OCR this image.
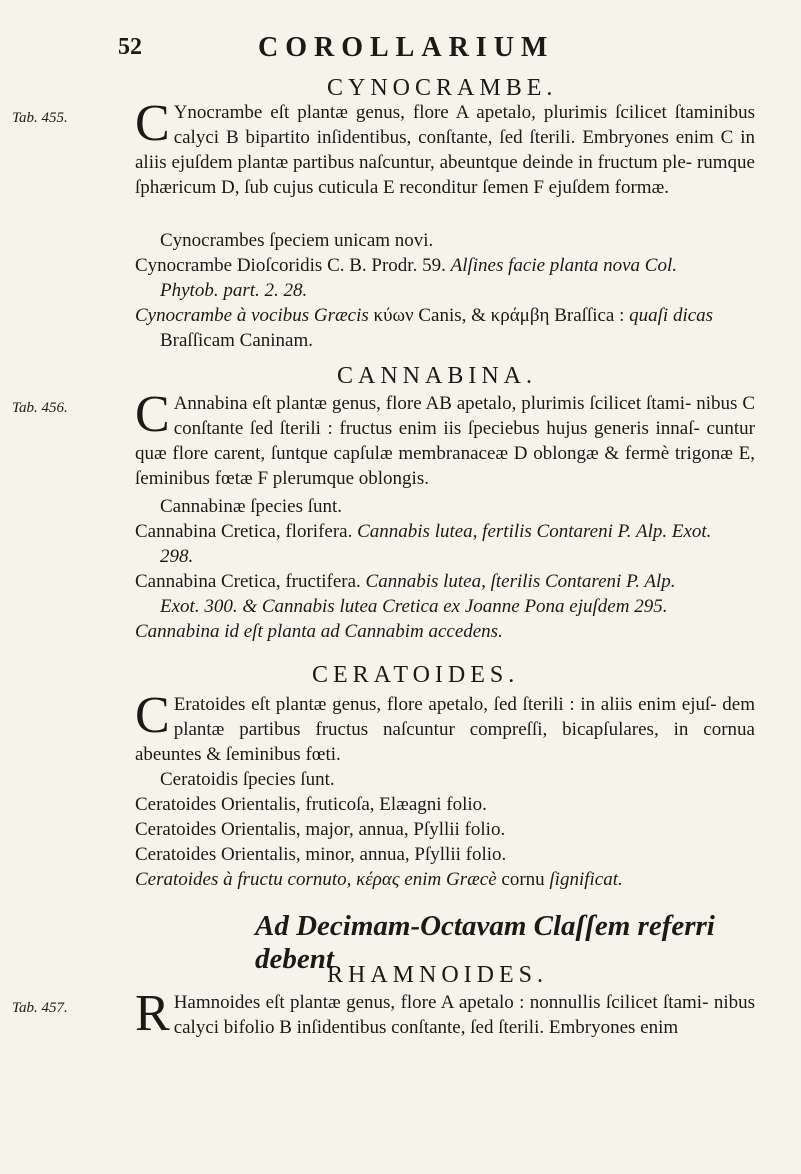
52	COROLLARIUM
CYNOCRAMBE.
Tab. 455. C Ynocrambe eſt plantæ genus, flore A apetalo, plurimis ſcilicet ſtaminibus calyci B bipartito inſidentibus, conſtante, ſed ſterili. Embryones enim C in aliis ejuſdem plantæ partibus naſcuntur, abeuntque deinde in fructum ple- rumque ſphæricum D, ſub cujus cuticula E reconditur ſemen F ejuſdem formæ.

Cynocrambes ſpeciem unicam novi.

Cynocrambe Dioſcoridis C. B. Prodr. 59. Alſines facie planta nova Col.

Phytob. part. 2. 28.

Cynocrambe à vocibus Græcis κύων Canis, & κράμβη Braſſica : quaſi dicas

Braſſicam Caninam.

CANNABINA.
Tab. 456. C Annabina eſt plantæ genus, flore AB apetalo, plurimis ſcilicet ſtami- nibus C conſtante ſed ſterili : fructus enim iis ſpeciebus hujus generis innaſ- cuntur quæ flore carent, ſuntque capſulæ membranaceæ D oblongæ & fermè trigonæ E, ſeminibus fœtæ F plerumque oblongis.

Cannabinæ ſpecies ſunt.

Cannabina Cretica, florifera. Cannabis lutea, fertilis Contareni P. Alp. Exot.

298.

Cannabina Cretica, fructifera. Cannabis lutea, ſterilis Contareni P. Alp.

Exot. 300. & Cannabis lutea Cretica ex Joanne Pona ejuſdem 295.

Cannabina id eſt planta ad Cannabim accedens.

CERATOIDES.
C Eratoides eſt plantæ genus, flore apetalo, ſed ſterili : in aliis enim ejuſ- dem plantæ partibus fructus naſcuntur compreſſi, bicapſulares, in cornua abeuntes & ſeminibus fœti.

Ceratoidis ſpecies ſunt.

Ceratoides Orientalis, fruticoſa, Elæagni folio.

Ceratoides Orientalis, major, annua, Pſyllii folio.

Ceratoides Orientalis, minor, annua, Pſyllii folio.

Ceratoides à fructu cornuto, κέρας enim Græcè cornu ſignificat.

Ad Decimam-Octavam Claſſem referri debent
RHAMNOIDES.
Tab. 457. R Hamnoides eſt plantæ genus, flore A apetalo : nonnullis ſcilicet ſtami- nibus calyci bifolio B inſidentibus conſtante, ſed ſterili. Embryones enim
